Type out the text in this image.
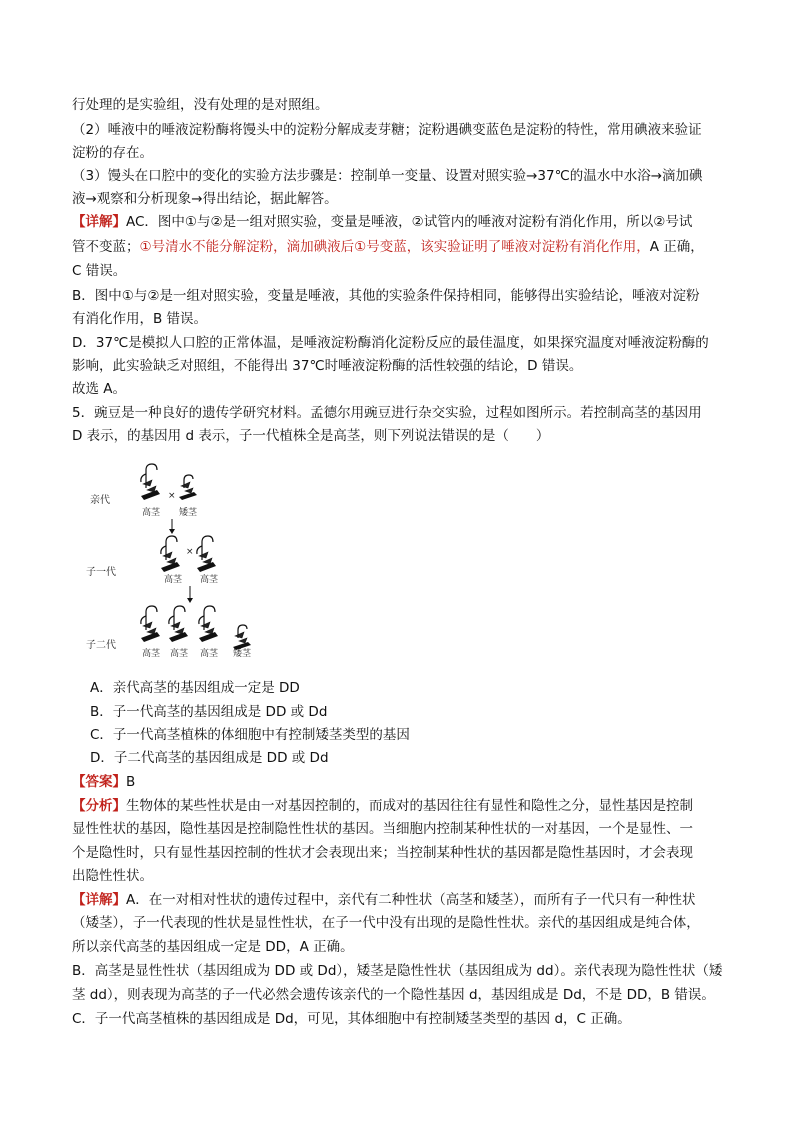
行处理的是实验组，没有处理的是对照组。
（2）唾液中的唾液淀粉酶将馒头中的淀粉分解成麦芽糖；淀粉遇碘变蓝色是淀粉的特性，常用碘液来验证
淀粉的存在。
（3）馒头在口腔中的变化的实验方法步骤是：控制单一变量、设置对照实验→37℃的温水中水浴→滴加碘
液→观察和分析现象→得出结论，据此解答。
【详解】AC．图中①与②是一组对照实验，变量是唾液，②试管内的唾液对淀粉有消化作用，所以②号试
管不变蓝；①号清水不能分解淀粉，滴加碘液后①号变蓝，该实验证明了唾液对淀粉有消化作用，A 正确，
C 错误。
B．图中①与②是一组对照实验，变量是唾液，其他的实验条件保持相同，能够得出实验结论，唾液对淀粉
有消化作用，B 错误。
D．37℃是模拟人口腔的正常体温，是唾液淀粉酶消化淀粉反应的最佳温度，如果探究温度对唾液淀粉酶的
影响，此实验缺乏对照组，不能得出 37℃时唾液淀粉酶的活性较强的结论，D 错误。
故选 A。
5．豌豆是一种良好的遗传学研究材料。孟德尔用豌豆进行杂交实验，过程如图所示。若控制高茎的基因用
D 表示，的基因用 d 表示，子一代植株全是高茎，则下列说法错误的是（　　）
亲代
子一代
子二代
×
高茎 矮茎
×
高茎 高茎
高茎 高茎 高茎 矮茎
A．亲代高茎的基因组成一定是 DD
B．子一代高茎的基因组成是 DD 或 Dd
C．子一代高茎植株的体细胞中有控制矮茎类型的基因
D．子二代高茎的基因组成是 DD 或 Dd
【答案】B
【分析】生物体的某些性状是由一对基因控制的，而成对的基因往往有显性和隐性之分，显性基因是控制
显性性状的基因，隐性基因是控制隐性性状的基因。当细胞内控制某种性状的一对基因，一个是显性、一
个是隐性时，只有显性基因控制的性状才会表现出来；当控制某种性状的基因都是隐性基因时，才会表现
出隐性性状。
【详解】A．在一对相对性状的遗传过程中，亲代有二种性状（高茎和矮茎），而所有子一代只有一种性状
（矮茎），子一代表现的性状是显性性状，在子一代中没有出现的是隐性性状。亲代的基因组成是纯合体，
所以亲代高茎的基因组成一定是 DD，A 正确。
B．高茎是显性性状（基因组成为 DD 或 Dd），矮茎是隐性性状（基因组成为 dd）。亲代表现为隐性性状（矮
茎 dd），则表现为高茎的子一代必然会遗传该亲代的一个隐性基因 d，基因组成是 Dd，不是 DD，B 错误。
C．子一代高茎植株的基因组成是 Dd，可见，其体细胞中有控制矮茎类型的基因 d，C 正确。
